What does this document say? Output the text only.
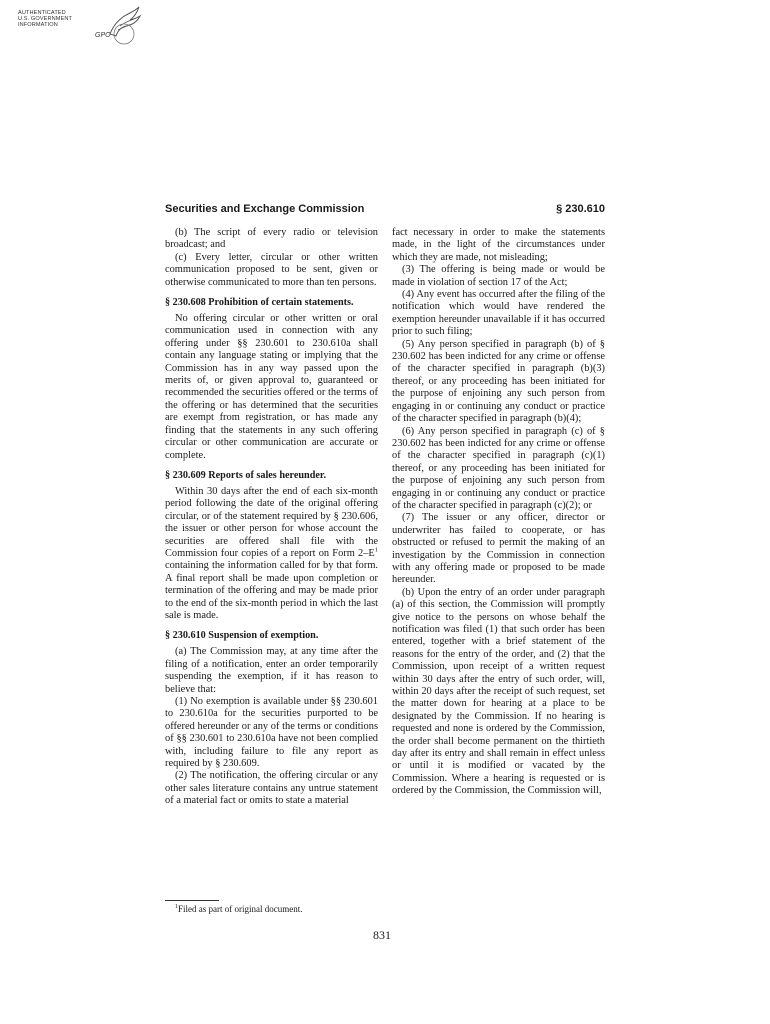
AUTHENTICATED
U.S. GOVERNMENT
INFORMATION
GPO
Securities and Exchange Commission	§ 230.610

(b) The script of every radio or television broadcast; and

(c) Every letter, circular or other written communication proposed to be sent, given or otherwise communicated to more than ten persons.

§ 230.608 Prohibition of certain statements.

No offering circular or other written or oral communication used in connection with any offering under §§ 230.601 to 230.610a shall contain any language stating or implying that the Commission has in any way passed upon the merits of, or given approval to, guaranteed or recommended the securities offered or the terms of the offering or has determined that the securities are exempt from registration, or has made any finding that the statements in any such offering circular or other communication are accurate or complete.

§ 230.609 Reports of sales hereunder.

Within 30 days after the end of each six-month period following the date of the original offering circular, or of the statement required by § 230.606, the issuer or other person for whose account the securities are offered shall file with the Commission four copies of a report on Form $2-E^1$ containing the information called for by that form. A final report shall be made upon completion or termination of the offering and may be made prior to the end of the six-month period in which the last sale is made.

§ 230.610 Suspension of exemption.

(a) The Commission may, at any time after the filing of a notification, enter an order temporarily suspending the exemption, if it has reason to believe that:

(1) No exemption is available under §§ 230.601 to 230.610a for the securities purported to be offered hereunder or any of the terms or conditions of §§ 230.601 to 230.610a have not been complied with, including failure to file any report as required by § 230.609.

(2) The notification, the offering circular or any other sales literature contains any untrue statement of a material fact or omits to state a material

fact necessary in order to make the statements made, in the light of the circumstances under which they are made, not misleading;

(3) The offering is being made or would be made in violation of section 17 of the Act;

(4) Any event has occurred after the filing of the notification which would have rendered the exemption hereunder unavailable if it has occurred prior to such filing;

(5) Any person specified in paragraph (b) of § 230.602 has been indicted for any crime or offense of the character specified in paragraph (b)(3) thereof, or any proceeding has been initiated for the purpose of enjoining any such person from engaging in or continuing any conduct or practice of the character specified in paragraph (b)(4);

(6) Any person specified in paragraph (c) of § 230.602 has been indicted for any crime or offense of the character specified in paragraph (c)(1) thereof, or any proceeding has been initiated for the purpose of enjoining any such person from engaging in or continuing any conduct or practice of the character specified in paragraph (c)(2); or

(7) The issuer or any officer, director or underwriter has failed to cooperate, or has obstructed or refused to permit the making of an investigation by the Commission in connection with any offering made or proposed to be made hereunder.

(b) Upon the entry of an order under paragraph (a) of this section, the Commission will promptly give notice to the persons on whose behalf the notification was filed (1) that such order has been entered, together with a brief statement of the reasons for the entry of the order, and (2) that the Commission, upon receipt of a written request within 30 days after the entry of such order, will, within 20 days after the receipt of such request, set the matter down for hearing at a place to be designated by the Commission. If no hearing is requested and none is ordered by the Commission, the order shall become permanent on the thirtieth day after its entry and shall remain in effect unless or until it is modified or vacated by the Commission. Where a hearing is requested or is ordered by the Commission, the Commission will,

$^1$Filed as part of original document.
831
